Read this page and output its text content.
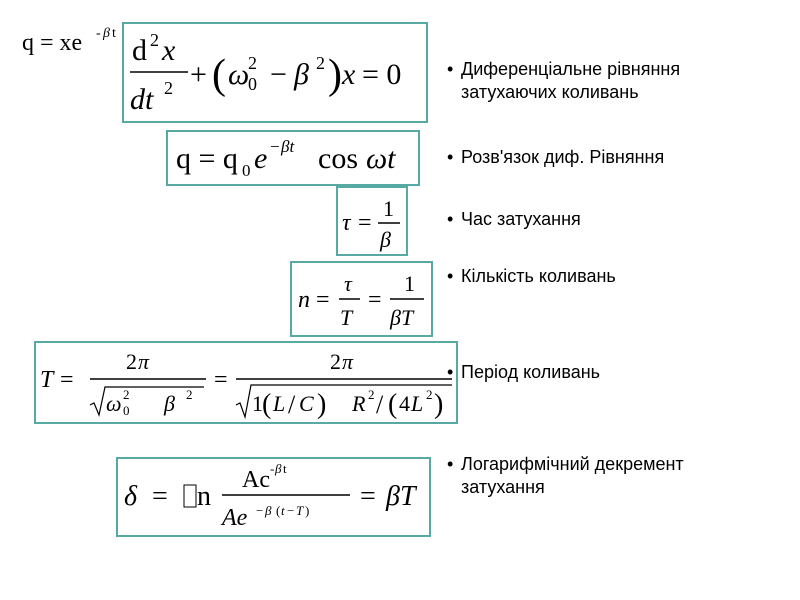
q = xe - β t
d 2 x
dt 2 + ( ω
2
0 − β 2 ) x = 0
q = q 0 e − βt cos ωt
τ =
1
β
n =
τ
T
=
1
βT
T =
2 π
ω 2
0 β 2
=
2 π
1 ( L / C ) R 2 / ( 4 L 2 )
δ = n
Ac - β t
Ae − β ( t − T ) = βT
• Диференціальне рівняння затухаючих коливань
• Розв'язок диф. Рівняння
• Час затухання
• Кількість коливань
• Період коливань
• Логарифмічний декремент затухання
